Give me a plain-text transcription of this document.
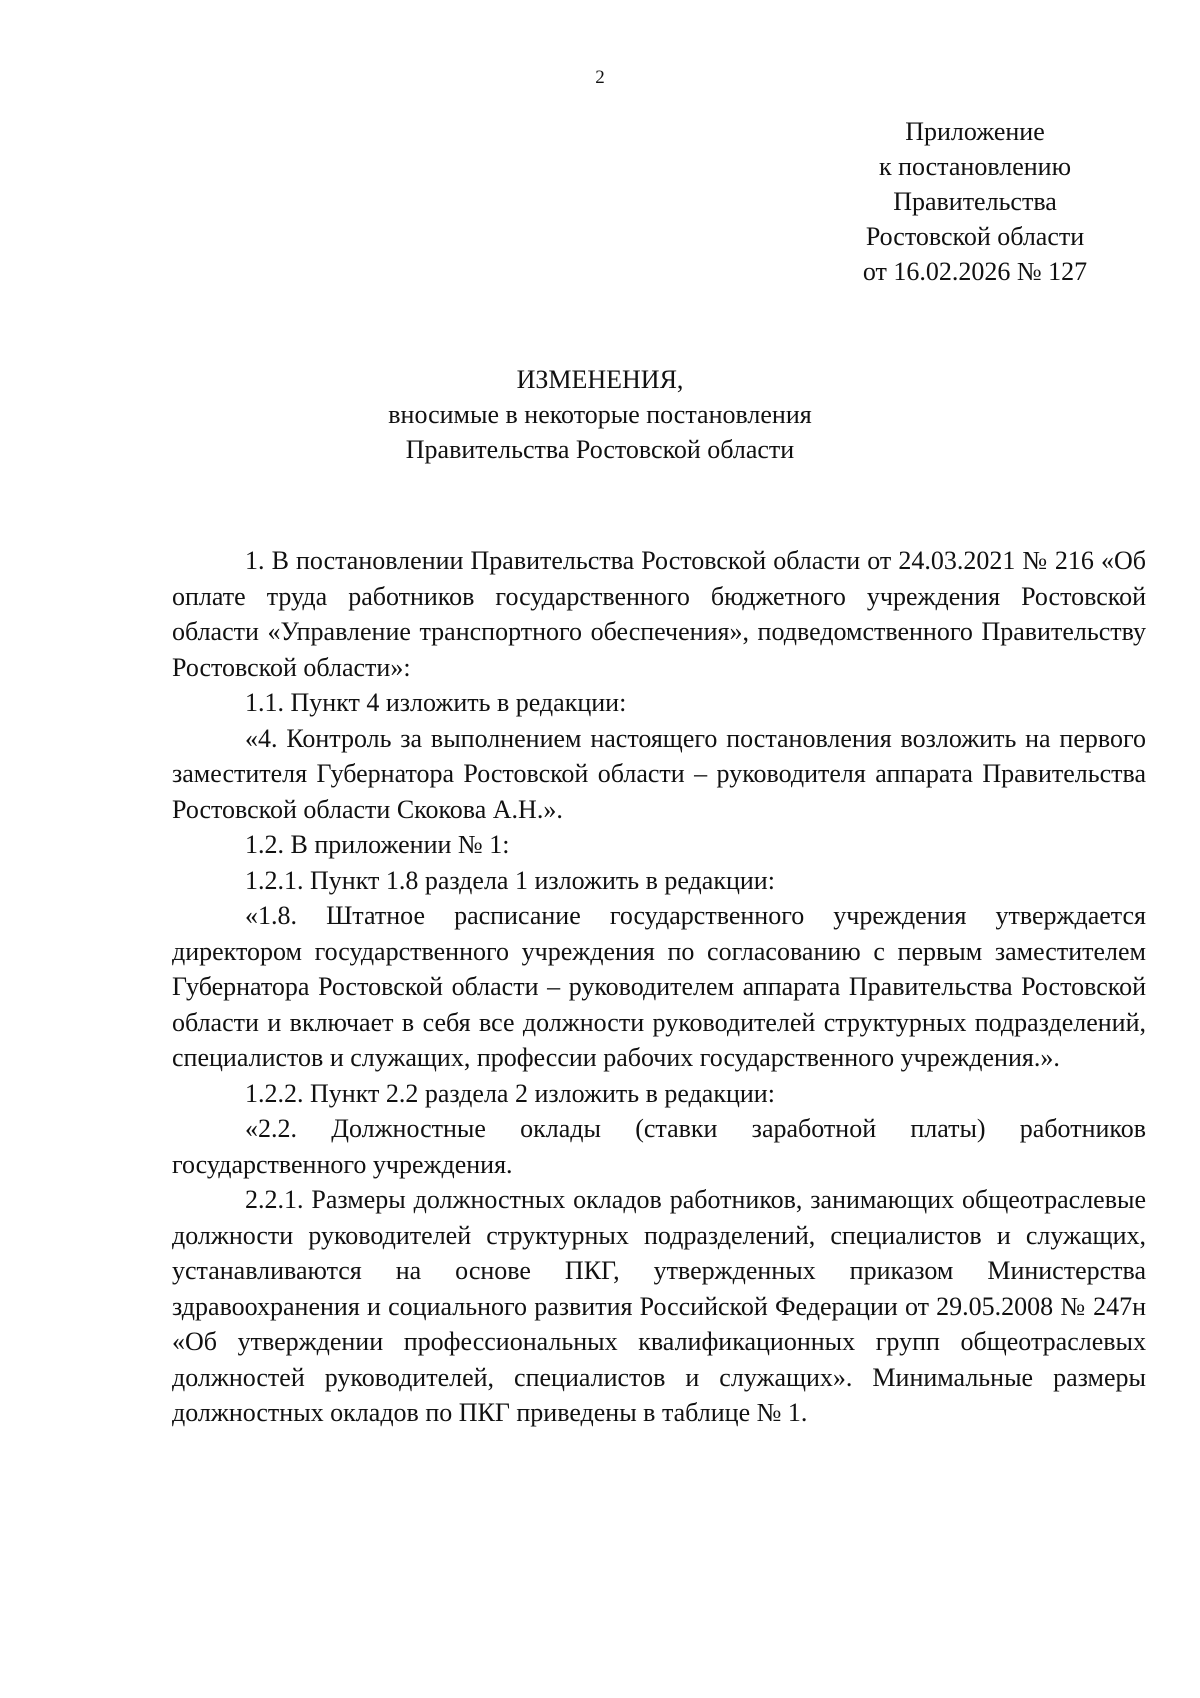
2
Приложение
к постановлению
Правительства
Ростовской области
от 16.02.2026 № 127
ИЗМЕНЕНИЯ,
вносимые в некоторые постановления
Правительства Ростовской области

1. В постановлении Правительства Ростовской области от 24.03.2021 № 216 «Об оплате труда работников государственного бюджетного учреждения Ростовской области «Управление транспортного обеспечения», подведомственного Правительству Ростовской области»:

1.1. Пункт 4 изложить в редакции:

«4. Контроль за выполнением настоящего постановления возложить на первого заместителя Губернатора Ростовской области – руководителя аппарата Правительства Ростовской области Скокова А.Н.».

1.2. В приложении № 1:

1.2.1. Пункт 1.8 раздела 1 изложить в редакции:

«1.8. Штатное расписание государственного учреждения утверждается директором государственного учреждения по согласованию с первым заместителем Губернатора Ростовской области – руководителем аппарата Правительства Ростовской области и включает в себя все должности руководителей структурных подразделений, специалистов и служащих, профессии рабочих государственного учреждения.».

1.2.2. Пункт 2.2 раздела 2 изложить в редакции:

«2.2. Должностные оклады (ставки заработной платы) работников государственного учреждения.

2.2.1. Размеры должностных окладов работников, занимающих общеотраслевые должности руководителей структурных подразделений, специалистов и служащих, устанавливаются на основе ПКГ, утвержденных приказом Министерства здравоохранения и социального развития Российской Федерации от 29.05.2008 № 247н «Об утверждении профессиональных квалификационных групп общеотраслевых должностей руководителей, специалистов и служащих». Минимальные размеры должностных окладов по ПКГ приведены в таблице № 1.
